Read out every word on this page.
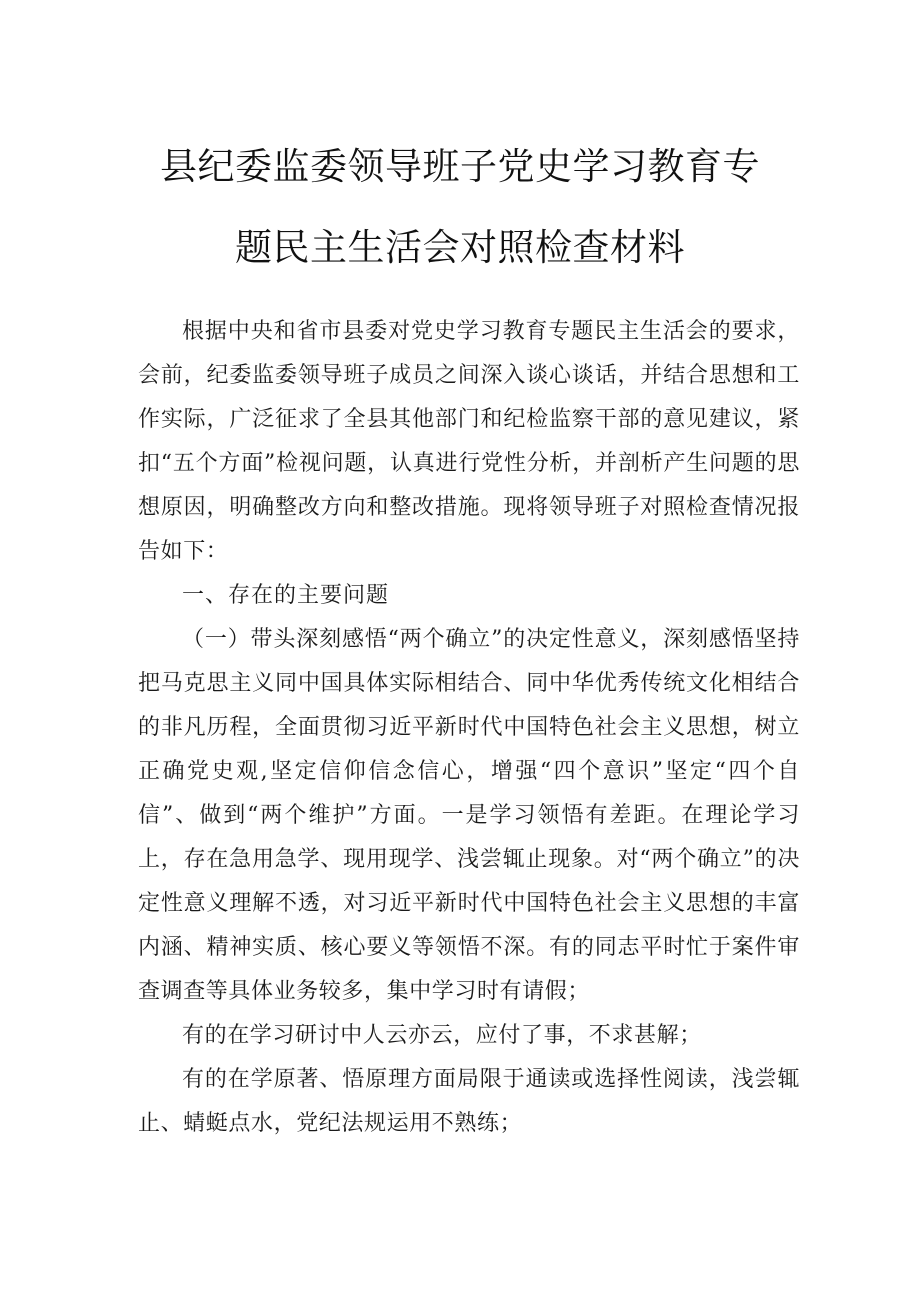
县纪委监委领导班子党史学习教育专
题民主生活会对照检查材料

根据中央和省市县委对党史学习教育专题民主生活会的要求，会前，纪委监委领导班子成员之间深入谈心谈话，并结合思想和工作实际，广泛征求了全县其他部门和纪检监察干部的意见建议，紧扣“五个方面”检视问题，认真进行党性分析，并剖析产生问题的思想原因，明确整改方向和整改措施。现将领导班子对照检查情况报告如下：

一、存在的主要问题

（一）带头深刻感悟“两个确立”的决定性意义，深刻感悟坚持把马克思主义同中国具体实际相结合、同中华优秀传统文化相结合的非凡历程，全面贯彻习近平新时代中国特色社会主义思想，树立正确党史观,坚定信仰信念信心，增强“四个意识”坚定“四个自信”、做到“两个维护”方面。一是学习领悟有差距。在理论学习上，存在急用急学、现用现学、浅尝辄止现象。对“两个确立”的决定性意义理解不透，对习近平新时代中国特色社会主义思想的丰富内涵、精神实质、核心要义等领悟不深。有的同志平时忙于案件审查调查等具体业务较多，集中学习时有请假；

有的在学习研讨中人云亦云，应付了事，不求甚解；

有的在学原著、悟原理方面局限于通读或选择性阅读，浅尝辄止、蜻蜓点水，党纪法规运用不熟练；
